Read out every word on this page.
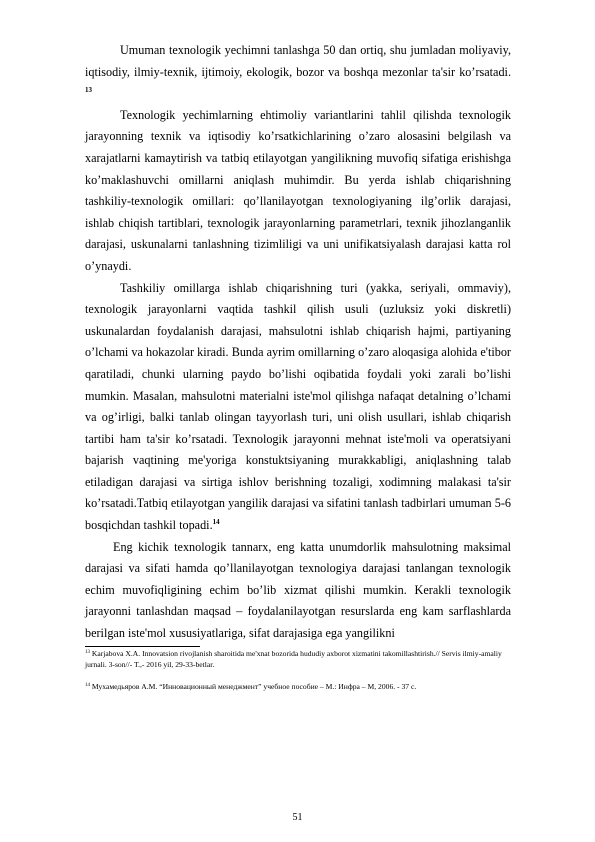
Umuman texnologik yechimni tanlashga 50 dan ortiq, shu jumladan moliyaviy, iqtisodiy, ilmiy-texnik, ijtimoiy, ekologik, bozor va boshqa mezonlar ta'sir ko’rsatadi. $^{13}$

Texnologik yechimlarning ehtimoliy variantlarini tahlil qilishda texnologik jarayonning texnik va iqtisodiy ko’rsatkichlarining o’zaro alosasini belgilash va xarajatlarni kamaytirish va tatbiq etilayotgan yangilikning muvofiq sifatiga erishishga ko’maklashuvchi omillarni aniqlash muhimdir. Bu yerda ishlab chiqarishning tashkiliy-texnologik omillari: qo’llanilayotgan texnologiyaning ilg’orlik darajasi, ishlab chiqish tartiblari, texnologik jarayonlarning parametrlari, texnik jihozlanganlik darajasi, uskunalarni tanlashning tizimliligi va uni unifikatsiyalash darajasi katta rol o’ynaydi.

Tashkiliy omillarga ishlab chiqarishning turi (yakka, seriyali, ommaviy), texnologik jarayonlarni vaqtida tashkil qilish usuli (uzluksiz yoki diskretli) uskunalardan foydalanish darajasi, mahsulotni ishlab chiqarish hajmi, partiyaning o’lchami va hokazolar kiradi. Bunda ayrim omillarning o’zaro aloqasiga alohida e'tibor qaratiladi, chunki ularning paydo bo’lishi oqibatida foydali yoki zarali bo’lishi mumkin. Masalan, mahsulotni materialni iste'mol qilishga nafaqat detalning o’lchami va og’irligi, balki tanlab olingan tayyorlash turi, uni olish usullari, ishlab chiqarish tartibi ham ta'sir ko’rsatadi. Texnologik jarayonni mehnat iste'moli va operatsiyani bajarish vaqtining me'yoriga konstuktsiyaning murakkabligi, aniqlashning talab etiladigan darajasi va sirtiga ishlov berishning tozaligi, xodimning malakasi ta'sir ko’rsatadi.Tatbiq etilayotgan yangilik darajasi va sifatini tanlash tadbirlari umuman 5-6 bosqichdan tashkil topadi.$^{14}$

Eng kichik texnologik tannarx, eng katta unumdorlik mahsulotning maksimal darajasi va sifati hamda qo’llanilayotgan texnologiya darajasi tanlangan texnologik echim muvofiqligining echim bo’lib xizmat qilishi mumkin. Kerakli texnologik jarayonni tanlashdan maqsad – foydalanilayotgan resurslarda eng kam sarflashlarda berilgan iste'mol xususiyatlariga, sifat darajasiga ega yangilikni

$^{13}$ Karjabova X.A. Innovatsion rivojlanish sharoitida me'xnat bozorida hududiy axborot xizmatini takomillashtirish.// Servis ilmiy-amaliy jurnali. 3-son//- T.,- 2016 yil, 29-33-betlar.

$^{14}$ Мухамедьяров А.М. “Инновационный менеджмент” учебное пособие – М.: Инфра – М, 2006. - 37 с.

51
